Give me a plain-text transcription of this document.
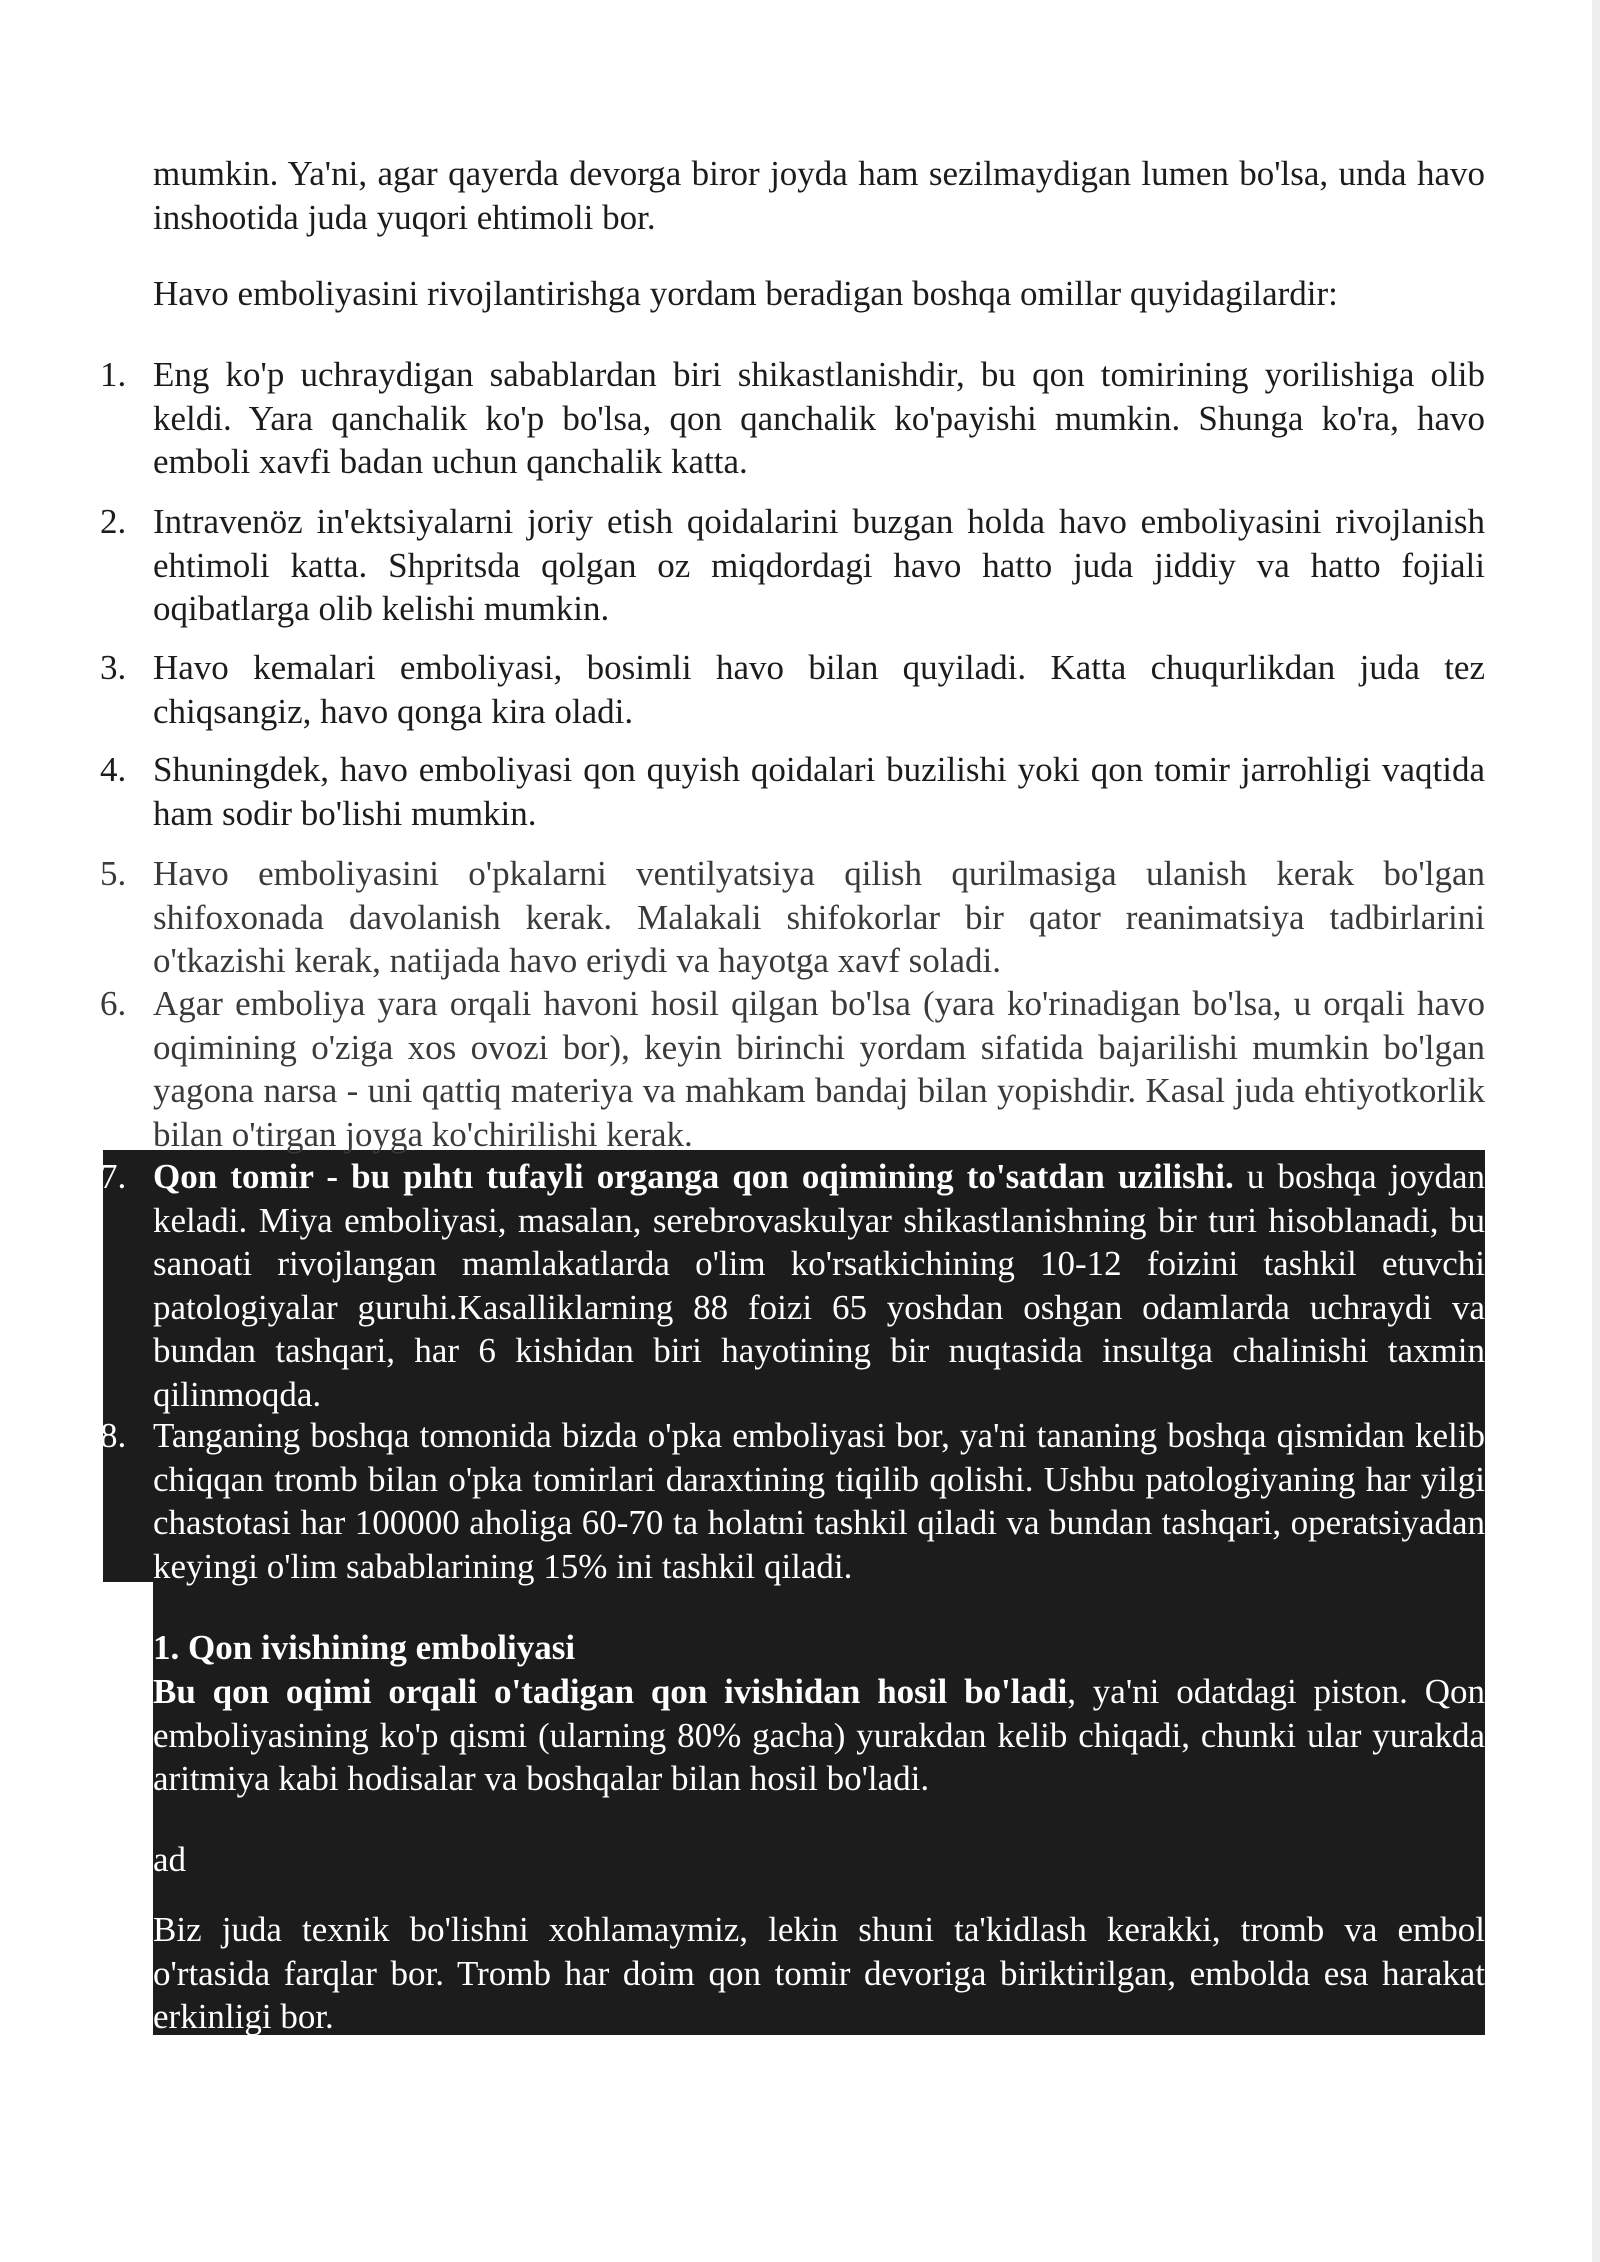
mumkin. Ya'ni, agar qayerda devorga biror joyda ham sezilmaydigan lumen bo'lsa, unda havo inshootida juda yuqori ehtimoli bor.

Havo emboliyasini rivojlantirishga yordam beradigan boshqa omillar quyidagilardir:

1. Eng ko'p uchraydigan sabablardan biri shikastlanishdir, bu qon tomirining yorilishiga olib keldi. Yara qanchalik ko'p bo'lsa, qon qanchalik ko'payishi mumkin. Shunga ko'ra, havo emboli xavfi badan uchun qanchalik katta.
2. Intravenöz in'ektsiyalarni joriy etish qoidalarini buzgan holda havo emboliyasini rivojlanish ehtimoli katta. Shpritsda qolgan oz miqdordagi havo hatto juda jiddiy va hatto fojiali oqibatlarga olib kelishi mumkin.
3. Havo kemalari emboliyasi, bosimli havo bilan quyiladi. Katta chuqurlikdan juda tez chiqsangiz, havo qonga kira oladi.
4. Shuningdek, havo emboliyasi qon quyish qoidalari buzilishi yoki qon tomir jarrohligi vaqtida ham sodir bo'lishi mumkin.
5. Havo emboliyasini o'pkalarni ventilyatsiya qilish qurilmasiga ulanish kerak bo'lgan shifoxonada davolanish kerak. Malakali shifokorlar bir qator reanimatsiya tadbirlarini o'tkazishi kerak, natijada havo eriydi va hayotga xavf soladi.
6. Agar emboliya yara orqali havoni hosil qilgan bo'lsa (yara ko'rinadigan bo'lsa, u orqali havo oqimining o'ziga xos ovozi bor), keyin birinchi yordam sifatida bajarilishi mumkin bo'lgan yagona narsa - uni qattiq materiya va mahkam bandaj bilan yopishdir. Kasal juda ehtiyotkorlik bilan o'tirgan joyga ko'chirilishi kerak.
7. Qon tomir - bu pıhtı tufayli organga qon oqimining to'satdan uzilishi. u boshqa joydan keladi. Miya emboliyasi, masalan, serebrovaskulyar shikastlanishning bir turi hisoblanadi, bu sanoati rivojlangan mamlakatlarda o'lim ko'rsatkichining 10-12 foizini tashkil etuvchi patologiyalar guruhi.Kasalliklarning 88 foizi 65 yoshdan oshgan odamlarda uchraydi va bundan tashqari, har 6 kishidan biri hayotining bir nuqtasida insultga chalinishi taxmin qilinmoqda.
8. Tanganing boshqa tomonida bizda o'pka emboliyasi bor, ya'ni tananing boshqa qismidan kelib chiqqan tromb bilan o'pka tomirlari daraxtining tiqilib qolishi. Ushbu patologiyaning har yilgi chastotasi har 100000 aholiga 60-70 ta holatni tashkil qiladi va bundan tashqari, operatsiyadan keyingi o'lim sabablarining 15% ini tashkil qiladi.

1. Qon ivishining emboliyasi

Bu qon oqimi orqali o'tadigan qon ivishidan hosil bo'ladi, ya'ni odatdagi piston. Qon emboliyasining ko'p qismi (ularning 80% gacha) yurakdan kelib chiqadi, chunki ular yurakda aritmiya kabi hodisalar va boshqalar bilan hosil bo'ladi.

ad

Biz juda texnik bo'lishni xohlamaymiz, lekin shuni ta'kidlash kerakki, tromb va embol o'rtasida farqlar bor. Tromb har doim qon tomir devoriga biriktirilgan, embolda esa harakat erkinligi bor.
